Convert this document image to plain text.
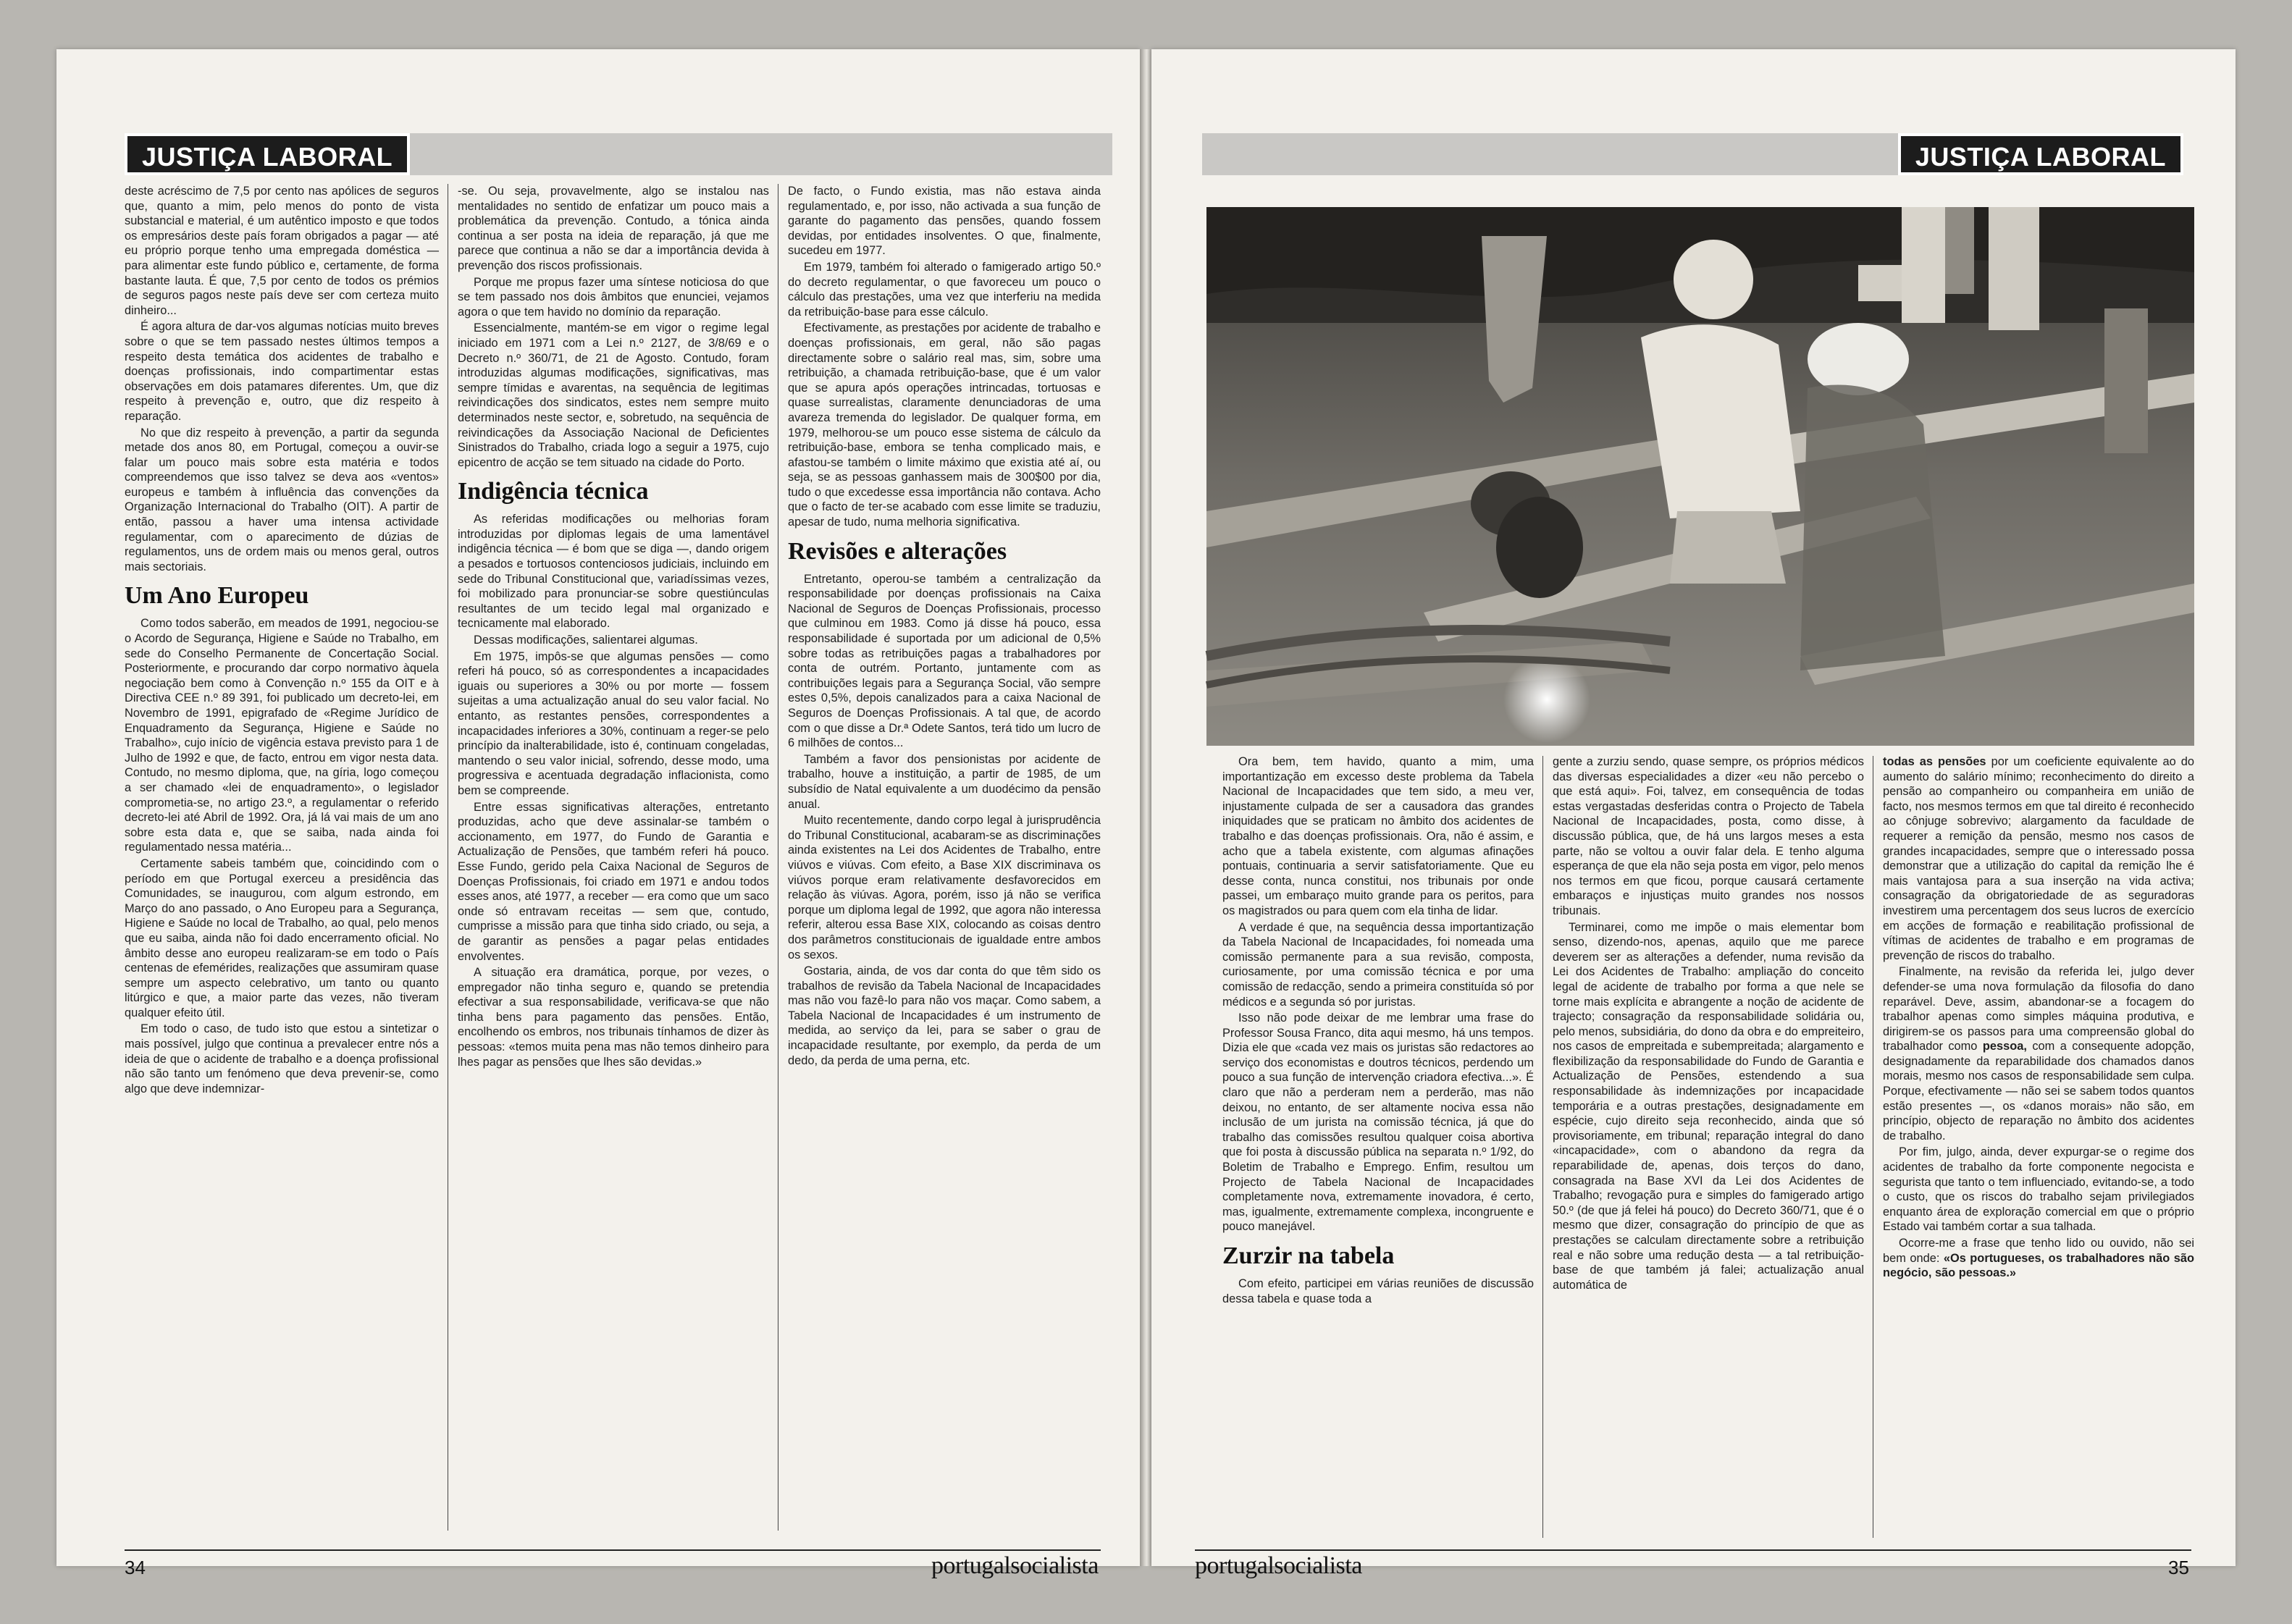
JUSTIÇA LABORAL

deste acréscimo de 7,5 por cento nas apólices de seguros que, quanto a mim, pelo menos do ponto de vista substancial e material, é um autêntico imposto e que todos os empresários deste país foram obrigados a pagar — até eu próprio porque tenho uma empregada doméstica — para alimentar este fundo público e, certamente, de forma bastante lauta. É que, 7,5 por cento de todos os prémios de seguros pagos neste país deve ser com certeza muito dinheiro...

É agora altura de dar-vos algumas notícias muito breves sobre o que se tem passado nestes últimos tempos a respeito desta temática dos acidentes de trabalho e doenças profissionais, indo compartimentar estas observações em dois patamares diferentes. Um, que diz respeito à prevenção e, outro, que diz respeito à reparação.

No que diz respeito à prevenção, a partir da segunda metade dos anos 80, em Portugal, começou a ouvir-se falar um pouco mais sobre esta matéria e todos compreendemos que isso talvez se deva aos «ventos» europeus e também à influência das convenções da Organização Internacional do Trabalho (OIT). A partir de então, passou a haver uma intensa actividade regulamentar, com o aparecimento de dúzias de regulamentos, uns de ordem mais ou menos geral, outros mais sectoriais.

Um Ano Europeu

Como todos saberão, em meados de 1991, negociou-se o Acordo de Segurança, Higiene e Saúde no Trabalho, em sede do Conselho Permanente de Concertação Social. Posteriormente, e procurando dar corpo normativo àquela negociação bem como à Convenção n.º 155 da OIT e à Directiva CEE n.º 89 391, foi publicado um decreto-lei, em Novembro de 1991, epigrafado de «Regime Jurídico de Enquadramento da Segurança, Higiene e Saúde no Trabalho», cujo início de vigência estava previsto para 1 de Julho de 1992 e que, de facto, entrou em vigor nesta data. Contudo, no mesmo diploma, que, na gíria, logo começou a ser chamado «lei de enquadramento», o legislador comprometia-se, no artigo 23.º, a regulamentar o referido decreto-lei até Abril de 1992. Ora, já lá vai mais de um ano sobre esta data e, que se saiba, nada ainda foi regulamentado nessa matéria...

Certamente sabeis também que, coincidindo com o período em que Portugal exerceu a presidência das Comunidades, se inaugurou, com algum estrondo, em Março do ano passado, o Ano Europeu para a Segurança, Higiene e Saúde no local de Trabalho, ao qual, pelo menos que eu saiba, ainda não foi dado encerramento oficial. No âmbito desse ano europeu realizaram-se em todo o País centenas de efemérides, realizações que assumiram quase sempre um aspecto celebrativo, um tanto ou quanto litúrgico e que, a maior parte das vezes, não tiveram qualquer efeito útil.

Em todo o caso, de tudo isto que estou a sintetizar o mais possível, julgo que continua a prevalecer entre nós a ideia de que o acidente de trabalho e a doença profissional não são tanto um fenómeno que deva prevenir-se, como algo que deve indemnizar-

-se. Ou seja, provavelmente, algo se instalou nas mentalidades no sentido de enfatizar um pouco mais a problemática da prevenção. Contudo, a tónica ainda continua a ser posta na ideia de reparação, já que me parece que continua a não se dar a importância devida à prevenção dos riscos profissionais.

Porque me propus fazer uma síntese noticiosa do que se tem passado nos dois âmbitos que enunciei, vejamos agora o que tem havido no domínio da reparação.

Essencialmente, mantém-se em vigor o regime legal iniciado em 1971 com a Lei n.º 2127, de 3/8/69 e o Decreto n.º 360/71, de 21 de Agosto. Contudo, foram introduzidas algumas modificações, significativas, mas sempre tímidas e avarentas, na sequência de legitimas reivindicações dos sindicatos, estes nem sempre muito determinados neste sector, e, sobretudo, na sequência de reivindicações da Associação Nacional de Deficientes Sinistrados do Trabalho, criada logo a seguir a 1975, cujo epicentro de acção se tem situado na cidade do Porto.

Indigência técnica

As referidas modificações ou melhorias foram introduzidas por diplomas legais de uma lamentável indigência técnica — é bom que se diga —, dando origem a pesados e tortuosos contenciosos judiciais, incluindo em sede do Tribunal Constitucional que, variadíssimas vezes, foi mobilizado para pronunciar-se sobre questiúnculas resultantes de um tecido legal mal organizado e tecnicamente mal elaborado.

Dessas modificações, salientarei algumas.

Em 1975, impôs-se que algumas pensões — como referi há pouco, só as correspondentes a incapacidades iguais ou superiores a 30% ou por morte — fossem sujeitas a uma actualização anual do seu valor facial. No entanto, as restantes pensões, correspondentes a incapacidades inferiores a 30%, continuam a reger-se pelo princípio da inalterabilidade, isto é, continuam congeladas, mantendo o seu valor inicial, sofrendo, desse modo, uma progressiva e acentuada degradação inflacionista, como bem se compreende.

Entre essas significativas alterações, entretanto produzidas, acho que deve assinalar-se também o accionamento, em 1977, do Fundo de Garantia e Actualização de Pensões, que também referi há pouco. Esse Fundo, gerido pela Caixa Nacional de Seguros de Doenças Profissionais, foi criado em 1971 e andou todos esses anos, até 1977, a receber — era como que um saco onde só entravam receitas — sem que, contudo, cumprisse a missão para que tinha sido criado, ou seja, a de garantir as pensões a pagar pelas entidades envolventes.

A situação era dramática, porque, por vezes, o empregador não tinha seguro e, quando se pretendia efectivar a sua responsabilidade, verificava-se que não tinha bens para pagamento das pensões. Então, encolhendo os embros, nos tribunais tínhamos de dizer às pessoas: «temos muita pena mas não temos dinheiro para lhes pagar as pensões que lhes são devidas.»

De facto, o Fundo existia, mas não estava ainda regulamentado, e, por isso, não activada a sua função de garante do pagamento das pensões, quando fossem devidas, por entidades insolventes. O que, finalmente, sucedeu em 1977.

Em 1979, também foi alterado o famigerado artigo 50.º do decreto regulamentar, o que favoreceu um pouco o cálculo das prestações, uma vez que interferiu na medida da retribuição-base para esse cálculo.

Efectivamente, as prestações por acidente de trabalho e doenças profissionais, em geral, não são pagas directamente sobre o salário real mas, sim, sobre uma retribuição, a chamada retribuição-base, que é um valor que se apura após operações intrincadas, tortuosas e quase surrealistas, claramente denunciadoras de uma avareza tremenda do legislador. De qualquer forma, em 1979, melhorou-se um pouco esse sistema de cálculo da retribuição-base, embora se tenha complicado mais, e afastou-se também o limite máximo que existia até aí, ou seja, se as pessoas ganhassem mais de 300$00 por dia, tudo o que excedesse essa importância não contava. Acho que o facto de ter-se acabado com esse limite se traduziu, apesar de tudo, numa melhoria significativa.

Revisões e alterações

Entretanto, operou-se também a centralização da responsabilidade por doenças profissionais na Caixa Nacional de Seguros de Doenças Profissionais, processo que culminou em 1983. Como já disse há pouco, essa responsabilidade é suportada por um adicional de 0,5% sobre todas as retribuições pagas a trabalhadores por conta de outrém. Portanto, juntamente com as contribuições legais para a Segurança Social, vão sempre estes 0,5%, depois canalizados para a caixa Nacional de Seguros de Doenças Profissionais. A tal que, de acordo com o que disse a Dr.ª Odete Santos, terá tido um lucro de 6 milhões de contos...

Também a favor dos pensionistas por acidente de trabalho, houve a instituição, a partir de 1985, de um subsídio de Natal equivalente a um duodécimo da pensão anual.

Muito recentemente, dando corpo legal à jurisprudência do Tribunal Constitucional, acabaram-se as discriminações ainda existentes na Lei dos Acidentes de Trabalho, entre viúvos e viúvas. Com efeito, a Base XIX discriminava os viúvos porque eram relativamente desfavorecidos em relação às viúvas. Agora, porém, isso já não se verifica porque um diploma legal de 1992, que agora não interessa referir, alterou essa Base XIX, colocando as coisas dentro dos parâmetros constitucionais de igualdade entre ambos os sexos.

Gostaria, ainda, de vos dar conta do que têm sido os trabalhos de revisão da Tabela Nacional de Incapacidades mas não vou fazê-lo para não vos maçar. Como sabem, a Tabela Nacional de Incapacidades é um instrumento de medida, ao serviço da lei, para se saber o grau de incapacidade resultante, por exemplo, da perda de um dedo, da perda de uma perna, etc.

34	portugalsocialista
JUSTIÇA LABORAL

Ora bem, tem havido, quanto a mim, uma importantização em excesso deste problema da Tabela Nacional de Incapacidades que tem sido, a meu ver, injustamente culpada de ser a causadora das grandes iniquidades que se praticam no âmbito dos acidentes de trabalho e das doenças profissionais. Ora, não é assim, e acho que a tabela existente, com algumas afinações pontuais, continuaria a servir satisfatoriamente. Que eu desse conta, nunca constitui, nos tribunais por onde passei, um embaraço muito grande para os peritos, para os magistrados ou para quem com ela tinha de lidar.

A verdade é que, na sequência dessa importantização da Tabela Nacional de Incapacidades, foi nomeada uma comissão permanente para a sua revisão, composta, curiosamente, por uma comissão técnica e por uma comissão de redacção, sendo a primeira constituída só por médicos e a segunda só por juristas.

Isso não pode deixar de me lembrar uma frase do Professor Sousa Franco, dita aqui mesmo, há uns tempos. Dizia ele que «cada vez mais os juristas são redactores ao serviço dos economistas e doutros técnicos, perdendo um pouco a sua função de intervenção criadora efectiva...». É claro que não a perderam nem a perderão, mas não deixou, no entanto, de ser altamente nociva essa não inclusão de um jurista na comissão técnica, já que do trabalho das comissões resultou qualquer coisa abortiva que foi posta à discussão pública na separata n.º 1/92, do Boletim de Trabalho e Emprego. Enfim, resultou um Projecto de Tabela Nacional de Incapacidades completamente nova, extremamente inovadora, é certo, mas, igualmente, extremamente complexa, incongruente e pouco manejável.

Zurzir na tabela

Com efeito, participei em várias reuniões de discussão dessa tabela e quase toda a

gente a zurziu sendo, quase sempre, os próprios médicos das diversas especialidades a dizer «eu não percebo o que está aqui». Foi, talvez, em consequência de todas estas vergastadas desferidas contra o Projecto de Tabela Nacional de Incapacidades, posta, como disse, à discussão pública, que, de há uns largos meses a esta parte, não se voltou a ouvir falar dela. E tenho alguma esperança de que ela não seja posta em vigor, pelo menos nos termos em que ficou, porque causará certamente embaraços e injustiças muito grandes nos nossos tribunais.

Terminarei, como me impõe o mais elementar bom senso, dizendo-nos, apenas, aquilo que me parece deverem ser as alterações a defender, numa revisão da Lei dos Acidentes de Trabalho: ampliação do conceito legal de acidente de trabalho por forma a que nele se torne mais explícita e abrangente a noção de acidente de trajecto; consagração da responsabilidade solidária ou, pelo menos, subsidiária, do dono da obra e do empreiteiro, nos casos de empreitada e subempreitada; alargamento e flexibilização da responsabilidade do Fundo de Garantia e Actualização de Pensões, estendendo a sua responsabilidade às indemnizações por incapacidade temporária e a outras prestações, designadamente em espécie, cujo direito seja reconhecido, ainda que só provisoriamente, em tribunal; reparação integral do dano «incapacidade», com o abandono da regra da reparabilidade de, apenas, dois terços do dano, consagrada na Base XVI da Lei dos Acidentes de Trabalho; revogação pura e simples do famigerado artigo 50.º (de que já felei há pouco) do Decreto 360/71, que é o mesmo que dizer, consagração do princípio de que as prestações se calculam directamente sobre a retribuição real e não sobre uma redução desta — a tal retribuição-base de que também já falei; actualização anual automática de

todas as pensões por um coeficiente equivalente ao do aumento do salário mínimo; reconhecimento do direito a pensão ao companheiro ou companheira em união de facto, nos mesmos termos em que tal direito é reconhecido ao cônjuge sobrevivo; alargamento da faculdade de requerer a remição da pensão, mesmo nos casos de grandes incapacidades, sempre que o interessado possa demonstrar que a utilização do capital da remição lhe é mais vantajosa para a sua inserção na vida activa; consagração da obrigatoriedade de as seguradoras investirem uma percentagem dos seus lucros de exercício em acções de formação e reabilitação profissional de vítimas de acidentes de trabalho e em programas de prevenção de riscos do trabalho.

Finalmente, na revisão da referida lei, julgo dever defender-se uma nova formulação da filosofia do dano reparável. Deve, assim, abandonar-se a focagem do trabalhor apenas como simples máquina produtiva, e dirigirem-se os passos para uma compreensão global do trabalhador como pessoa, com a consequente adopção, designadamente da reparabilidade dos chamados danos morais, mesmo nos casos de responsabilidade sem culpa. Porque, efectivamente — não sei se sabem todos quantos estão presentes —, os «danos morais» não são, em princípio, objecto de reparação no âmbito dos acidentes de trabalho.

Por fim, julgo, ainda, dever expurgar-se o regime dos acidentes de trabalho da forte componente negocista e segurista que tanto o tem influenciado, evitando-se, a todo o custo, que os riscos do trabalho sejam privilegiados enquanto área de exploração comercial em que o próprio Estado vai também cortar a sua talhada.

Ocorre-me a frase que tenho lido ou ouvido, não sei bem onde: «Os portugueses, os trabalhadores não são negócio, são pessoas.»

portugalsocialista	35
